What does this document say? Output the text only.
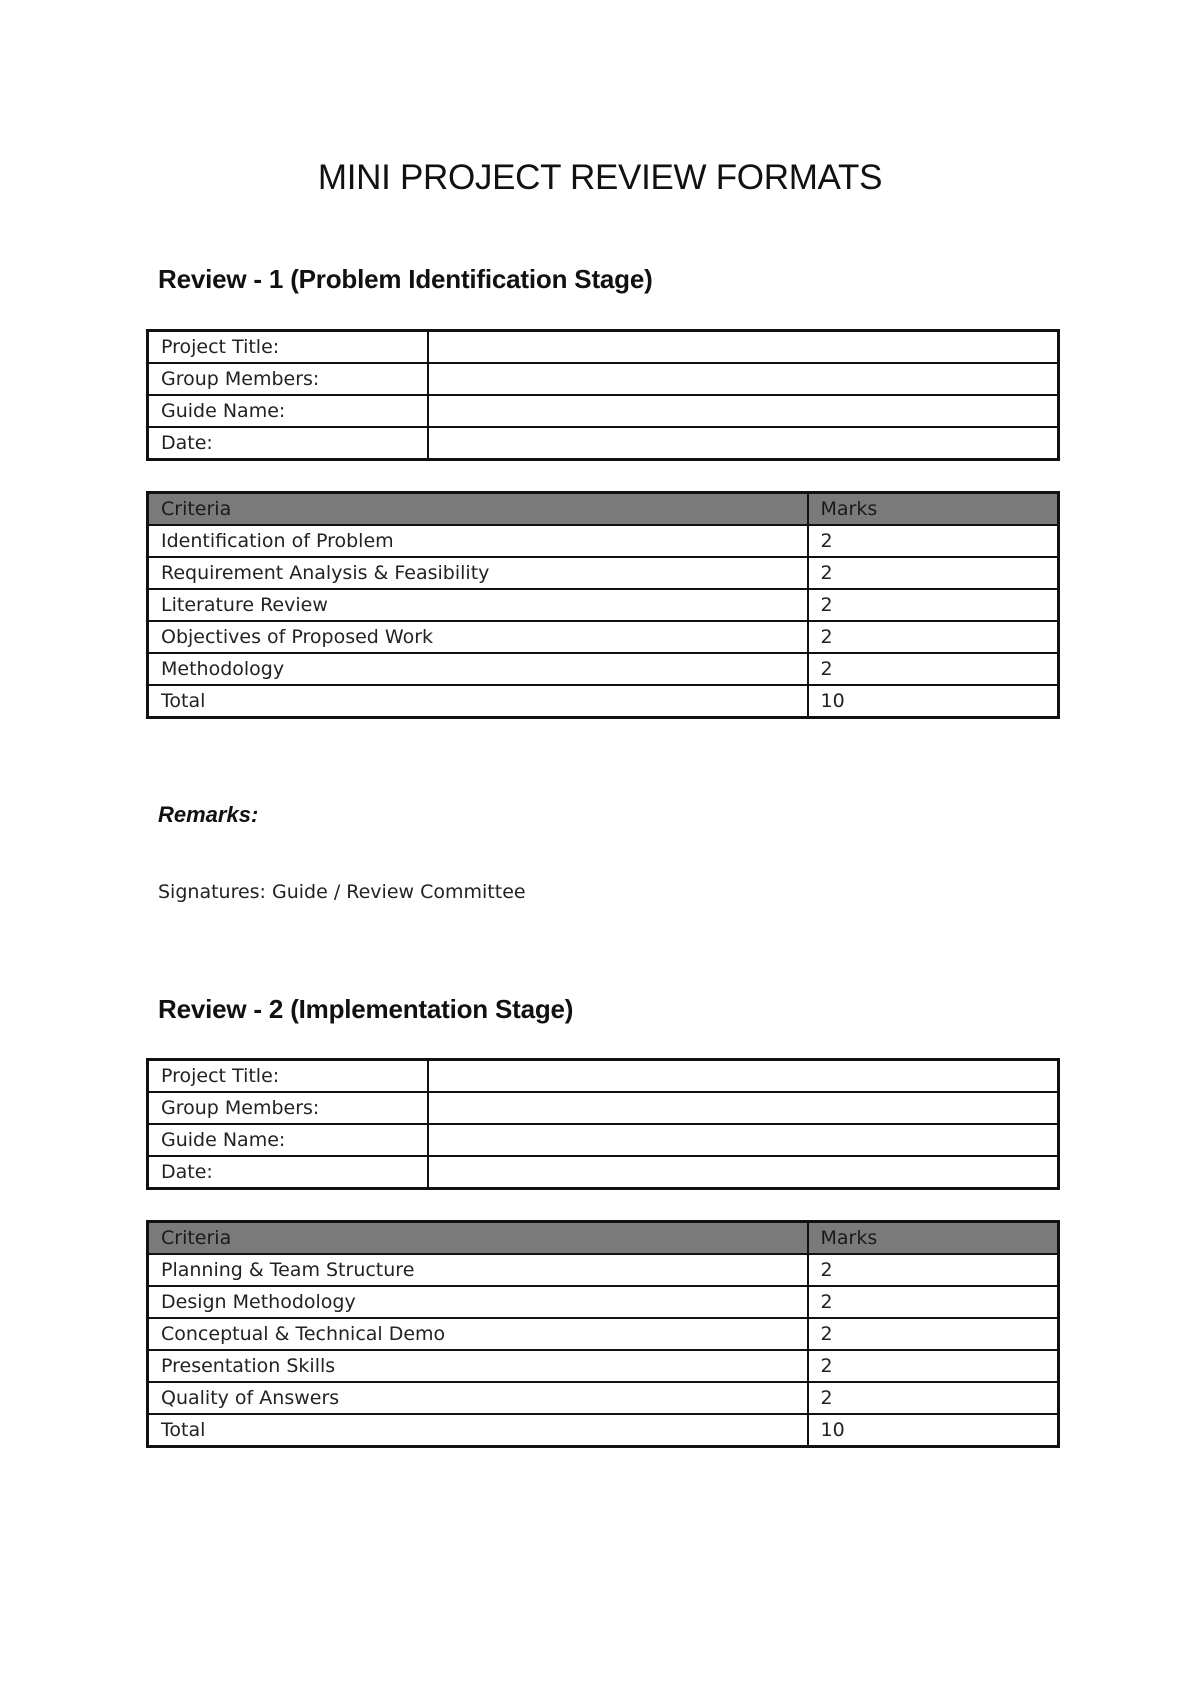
MINI PROJECT REVIEW FORMATS
Review - 1 (Problem Identification Stage)
Project Title:	
Group Members:	
Guide Name:	
Date:	
Criteria	Marks
Identification of Problem	2
Requirement Analysis & Feasibility	2
Literature Review	2
Objectives of Proposed Work	2
Methodology	2
Total	10

Remarks:

Signatures: Guide / Review Committee

Review - 2 (Implementation Stage)
Project Title:	
Group Members:	
Guide Name:	
Date:	
Criteria	Marks
Planning & Team Structure	2
Design Methodology	2
Conceptual & Technical Demo	2
Presentation Skills	2
Quality of Answers	2
Total	10
